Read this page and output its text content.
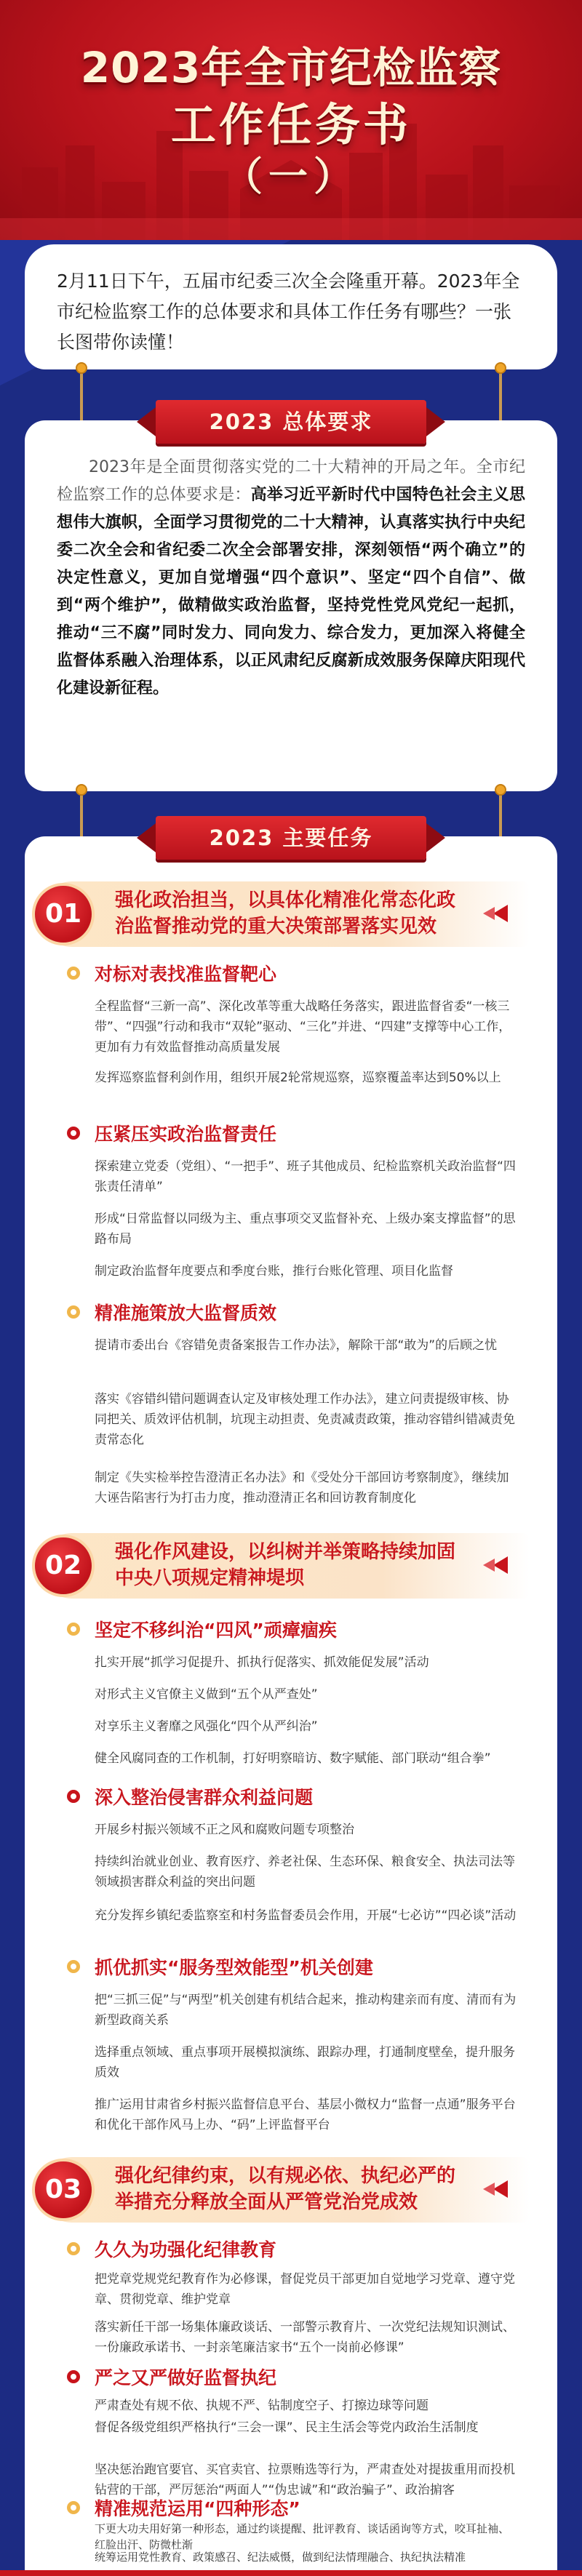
2023年全市纪检监察
工作任务书
（一）

2月11日下午，五届市纪委三次全会隆重开幕。2023年全市纪检监察工作的总体要求和具体工作任务有哪些？一张长图带你读懂！

2023年是全面贯彻落实党的二十大精神的开局之年。全市纪检监察工作的总体要求是：高举习近平新时代中国特色社会主义思想伟大旗帜，全面学习贯彻党的二十大精神，认真落实执行中央纪委二次全会和省纪委二次全会部署安排，深刻领悟“两个确立”的决定性意义，更加自觉增强“四个意识”、坚定“四个自信”、做到“两个维护”，做精做实政治监督，坚持党性党风党纪一起抓，推动“三不腐”同时发力、同向发力、综合发力，更加深入将健全监督体系融入治理体系，以正风肃纪反腐新成效服务保障庆阳现代化建设新征程。

2023 总体要求
2023 主要任务
01	强化政治担当，以具体化精准化常态化政治监督推动党的重大决策部署落实见效
对标对表找准监督靶心

全程监督“三新一高”、深化改革等重大战略任务落实，跟进监督省委“一核三带”、“四强”行动和我市“双轮”驱动、“三化”并进、“四建”支撑等中心工作，更加有力有效监督推动高质量发展

发挥巡察监督利剑作用，组织开展2轮常规巡察，巡察覆盖率达到50%以上

压紧压实政治监督责任

探索建立党委（党组）、“一把手”、班子其他成员、纪检监察机关政治监督“四张责任清单”

形成“日常监督以同级为主、重点事项交叉监督补充、上级办案支撑监督”的思路布局

制定政治监督年度要点和季度台账，推行台账化管理、项目化监督

精准施策放大监督质效

提请市委出台《容错免责备案报告工作办法》，解除干部“敢为”的后顾之忧

落实《容错纠错问题调查认定及审核处理工作办法》，建立问责提级审核、协同把关、质效评估机制，坑现主动担责、免责减责政策，推动容错纠错减责免责常态化

制定《失实检举控告澄清正名办法》和《受处分干部回访考察制度》，继续加大诬告陷害行为打击力度，推动澄清正名和回访教育制度化

02	强化作风建设，以纠树并举策略持续加固中央八项规定精神堤坝
坚定不移纠治“四风”顽瘴痼疾

扎实开展“抓学习促提升、抓执行促落实、抓效能促发展”活动

对形式主义官僚主义做到“五个从严查处”

对享乐主义奢靡之风强化“四个从严纠治”

健全风腐同查的工作机制，打好明察暗访、数字赋能、部门联动“组合拳”

深入整治侵害群众利益问题

开展乡村振兴领域不正之风和腐败问题专项整治

持续纠治就业创业、教育医疗、养老社保、生态环保、粮食安全、执法司法等领域损害群众利益的突出问题

充分发挥乡镇纪委监察室和村务监督委员会作用，开展“七必访”“四必谈”活动

抓优抓实“服务型效能型”机关创建

把“三抓三促”与“两型”机关创建有机结合起来，推动构建亲而有度、清而有为新型政商关系

选择重点领域、重点事项开展模拟演练、跟踪办理，打通制度壁垒，提升服务质效

推广运用甘肃省乡村振兴监督信息平台、基层小微权力“监督一点通”服务平台和优化干部作风马上办、“码”上评监督平台

03	强化纪律约束，以有规必依、执纪必严的举措充分释放全面从严管党治党成效
久久为功强化纪律教育

把党章党规党纪教育作为必修课，督促党员干部更加自觉地学习党章、遵守党章、贯彻党章、维护党章

落实新任干部一场集体廉政谈话、一部警示教育片、一次党纪法规知识测试、一份廉政承诺书、一封亲笔廉洁家书“五个一岗前必修课”

严之又严做好监督执纪

严肃查处有规不依、执规不严、钻制度空子、打擦边球等问题

督促各级党组织严格执行“三会一课”、民主生活会等党内政治生活制度

坚决惩治跑官要官、买官卖官、拉票贿选等行为，严肃查处对提拔重用而投机钻营的干部，严厉惩治“两面人”“伪忠诚”和“政治骗子”、政治掮客

精准规范运用“四种形态”

下更大功夫用好第一种形态，通过约谈提醒、批评教育、谈话函询等方式，咬耳扯袖、红脸出汗、防微杜渐

统筹运用党性教育、政策感召、纪法威慑，做到纪法情理融合、执纪执法精准
